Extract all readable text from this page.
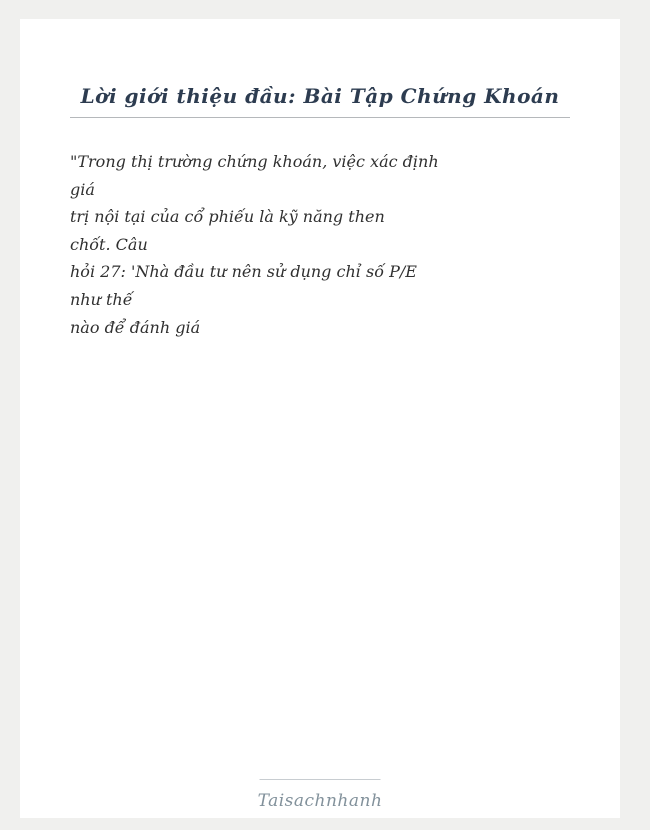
Lời giới thiệu đầu: Bài Tập Chứng Khoán
"Trong thị trường chứng khoán, việc xác định
giá
trị nội tại của cổ phiếu là kỹ năng then
chốt. Câu
hỏi 27: 'Nhà đầu tư nên sử dụng chỉ số P/E
như thế
nào để đánh giá
Taisachnhanh
